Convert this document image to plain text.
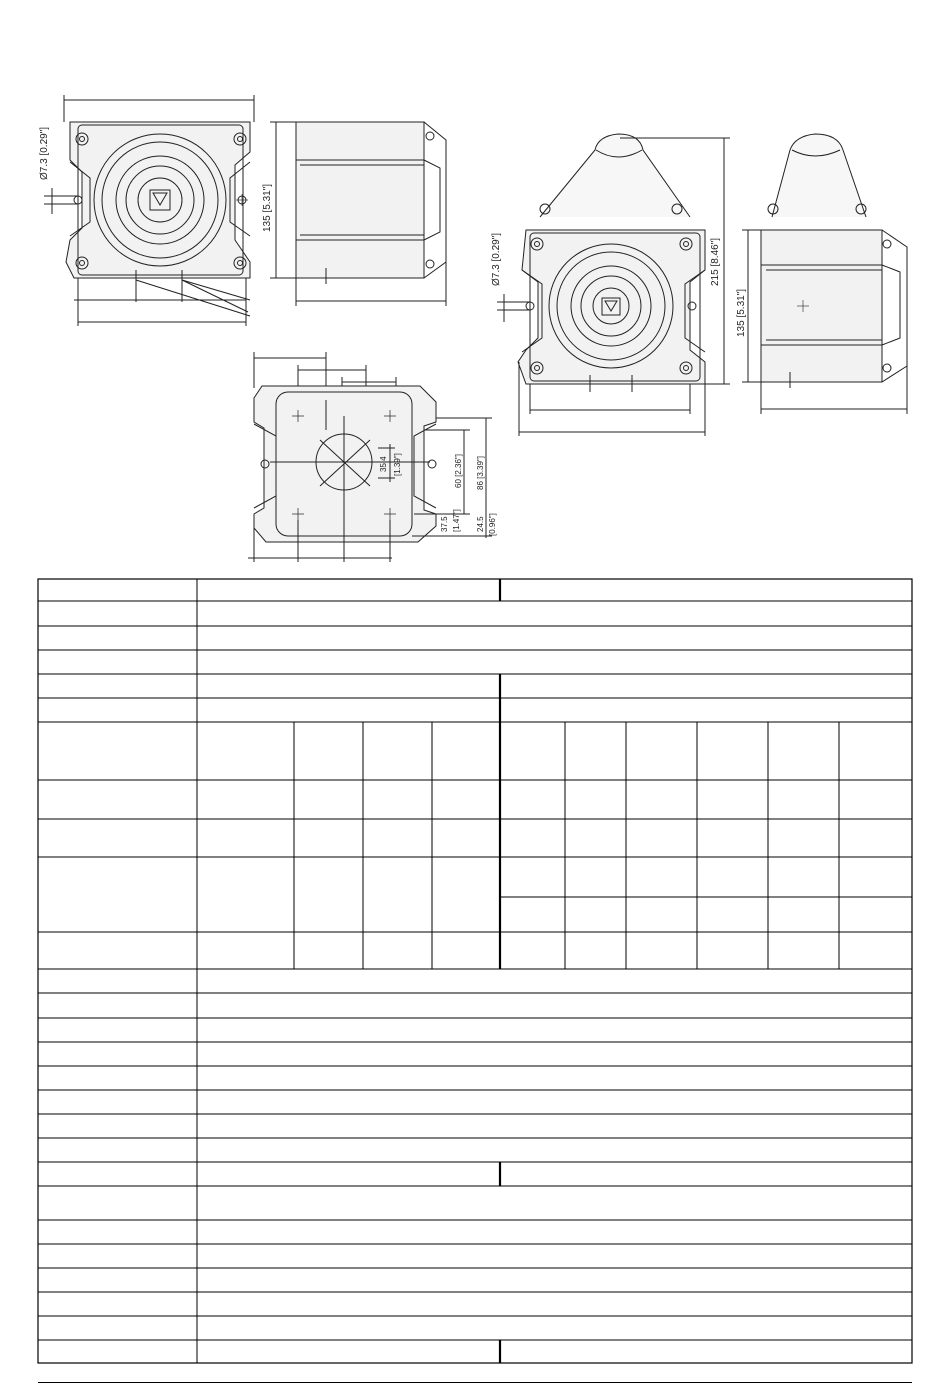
Ø7.3 [0.29"]
135 [5.31"]
Ø7.3 [0.29"]	215 [8.46"]
135 [5.31"]
35.4 [1.39"]	60 [2.36"] 86 [3.39"]
37.5 [1.47"] 24.5 [0.96"]
